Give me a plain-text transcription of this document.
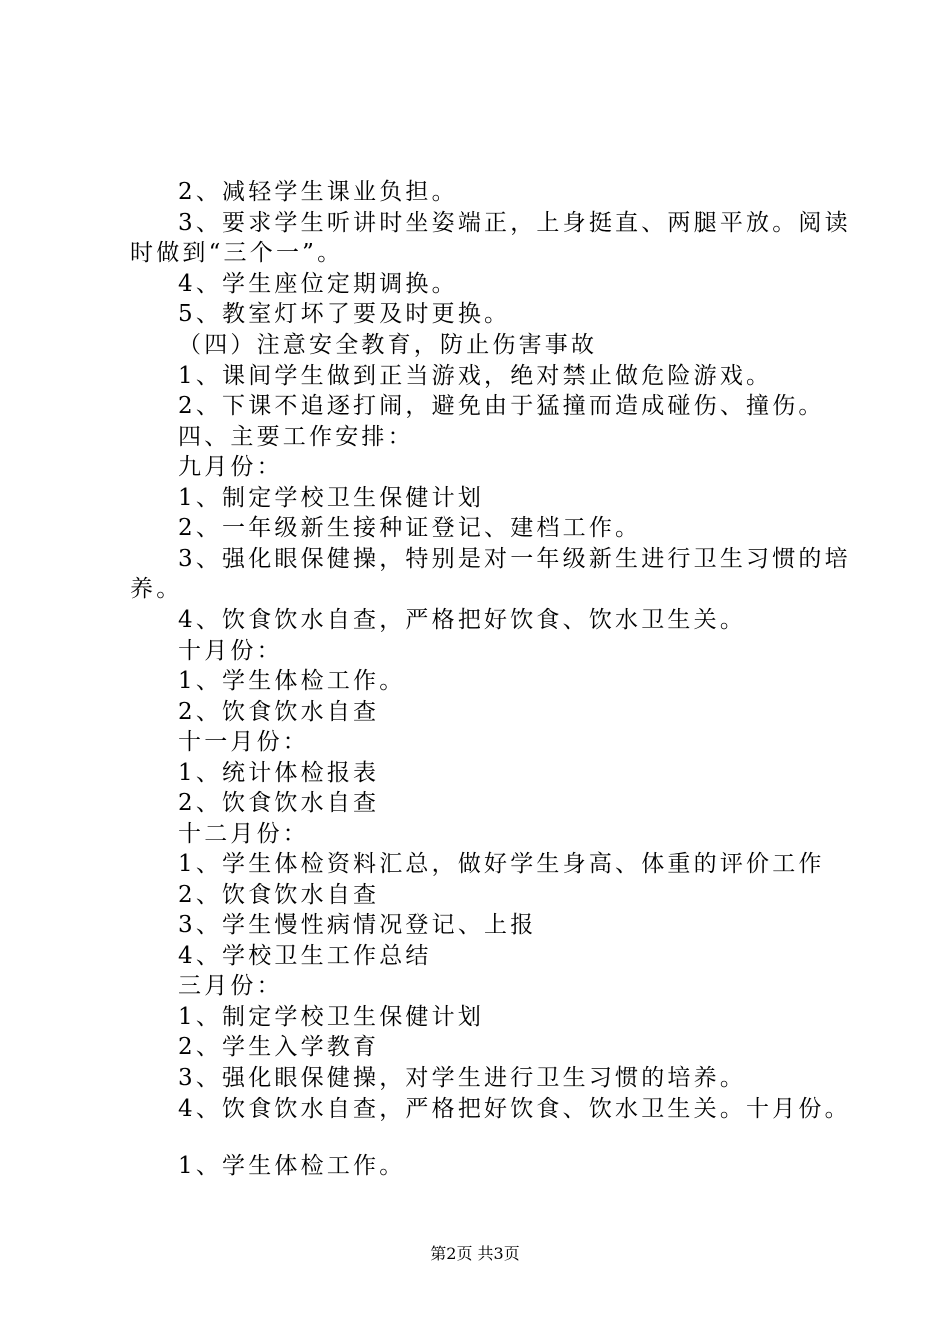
2、减轻学生课业负担。
3、要求学生听讲时坐姿端正，上身挺直、两腿平放。阅读
时做到“三个一”。
4、学生座位定期调换。
5、教室灯坏了要及时更换。
（四）注意安全教育，防止伤害事故
1、课间学生做到正当游戏，绝对禁止做危险游戏。
2、下课不追逐打闹，避免由于猛撞而造成碰伤、撞伤。
四、主要工作安排：
九月份：
1、制定学校卫生保健计划
2、一年级新生接种证登记、建档工作。
3、强化眼保健操，特别是对一年级新生进行卫生习惯的培
养。
4、饮食饮水自查，严格把好饮食、饮水卫生关。
十月份：
1、学生体检工作。
2、饮食饮水自查
十一月份：
1、统计体检报表
2、饮食饮水自查
十二月份：
1、学生体检资料汇总，做好学生身高、体重的评价工作
2、饮食饮水自查
3、学生慢性病情况登记、上报
4、学校卫生工作总结
三月份：
1、制定学校卫生保健计划
2、学生入学教育
3、强化眼保健操，对学生进行卫生习惯的培养。
4、饮食饮水自查，严格把好饮食、饮水卫生关。十月份。
1、学生体检工作。
第2页 共3页
